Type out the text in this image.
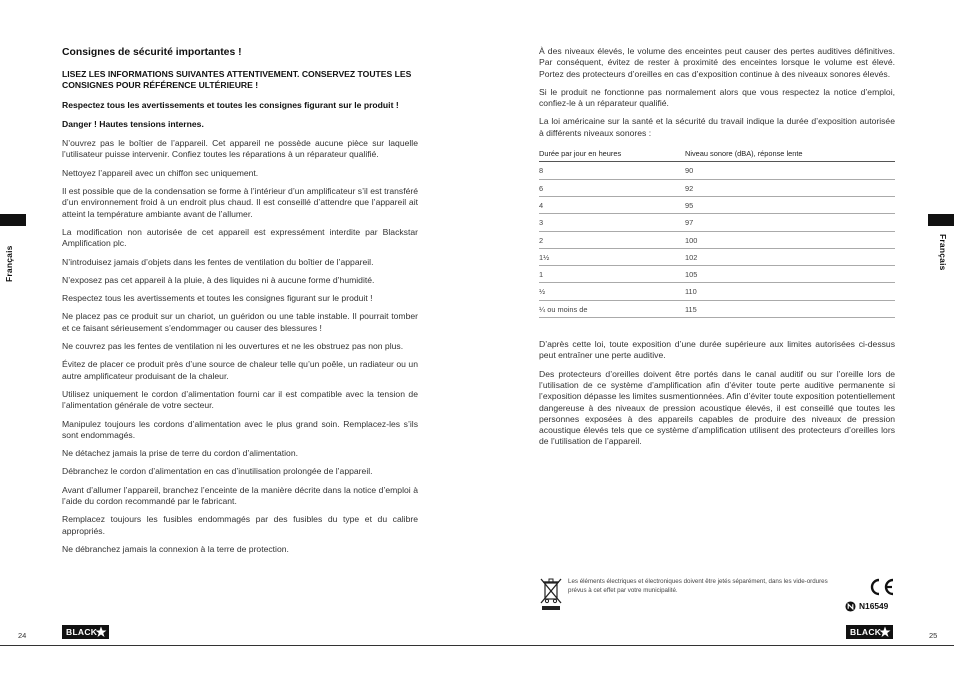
Français
Consignes de sécurité importantes !

LISEZ LES INFORMATIONS SUIVANTES ATTENTIVEMENT. CONSERVEZ TOUTES LES CONSIGNES POUR RÉFÉRENCE ULTÉRIEURE !

Respectez tous les avertissements et toutes les consignes figurant sur le produit !

Danger ! Hautes tensions internes.

N’ouvrez pas le boîtier de l’appareil. Cet appareil ne possède aucune pièce sur laquelle l’utilisateur puisse intervenir. Confiez toutes les réparations à un réparateur qualifié.

Nettoyez l’appareil avec un chiffon sec uniquement.

Il est possible que de la condensation se forme à l’intérieur d’un amplificateur s’il est transféré d’un environnement froid à un endroit plus chaud. Il est conseillé d’attendre que l’appareil ait atteint la température ambiante avant de l’allumer.

La modification non autorisée de cet appareil est expressément interdite par Blackstar Amplification plc.

N’introduisez jamais d’objets dans les fentes de ventilation du boîtier de l’appareil.

N’exposez pas cet appareil à la pluie, à des liquides ni à aucune forme d’humidité.

Respectez tous les avertissements et toutes les consignes figurant sur le produit !

Ne placez pas ce produit sur un chariot, un guéridon ou une table instable. Il pourrait tomber et ce faisant sérieusement s’endommager ou causer des blessures !

Ne couvrez pas les fentes de ventilation ni les ouvertures et ne les obstruez pas non plus.

Évitez de placer ce produit près d’une source de chaleur telle qu’un poêle, un radiateur ou un autre amplificateur produisant de la chaleur.

Utilisez uniquement le cordon d’alimentation fourni car il est compatible avec la tension de l’alimentation générale de votre secteur.

Manipulez toujours les cordons d’alimentation avec le plus grand soin. Remplacez-les s’ils sont endommagés.

Ne détachez jamais la prise de terre du cordon d’alimentation.

Débranchez le cordon d’alimentation en cas d’inutilisation prolongée de l’appareil.

Avant d’allumer l’appareil, branchez l’enceinte de la manière décrite dans la notice d’emploi à l’aide du cordon recommandé par le fabricant.

Remplacez toujours les fusibles endommagés par des fusibles du type et du calibre appropriés.

Ne débranchez jamais la connexion à la terre de protection.

24	BLACK
Français

À des niveaux élevés, le volume des enceintes peut causer des pertes auditives définitives. Par conséquent, évitez de rester à proximité des enceintes lorsque le volume est élevé. Portez des protecteurs d’oreilles en cas d’exposition continue à des niveaux sonores élevés.

Si le produit ne fonctionne pas normalement alors que vous respectez la notice d’emploi, confiez-le à un réparateur qualifié.

La loi américaine sur la santé et la sécurité du travail indique la durée d’exposition autorisée à différents niveaux sonores :

Durée par jour en heures	Niveau sonore (dBA), réponse lente
8	90
6	92
4	95
3	97
2	100
1½	102
1	105
½	110
¼ ou moins de	115

D’après cette loi, toute exposition d’une durée supérieure aux limites autorisées ci-dessus peut entraîner une perte auditive.

Des protecteurs d’oreilles doivent être portés dans le canal auditif ou sur l’oreille lors de l’utilisation de ce système d’amplification afin d’éviter toute perte auditive permanente si l’exposition dépasse les limites susmentionnées. Afin d’éviter toute exposition potentiellement dangereuse à des niveaux de pression acoustique élevés, il est conseillé que toutes les personnes exposées à des appareils capables de produire des niveaux de pression acoustique élevés tels que ce système d’amplification utilisent des protecteurs d’oreilles lors de l’utilisation de l’appareil.

Les éléments électriques et électroniques doivent être jetés séparément, dans les vide-ordures prévus à cet effet par votre municipalité.
N16549
25
BLACK
